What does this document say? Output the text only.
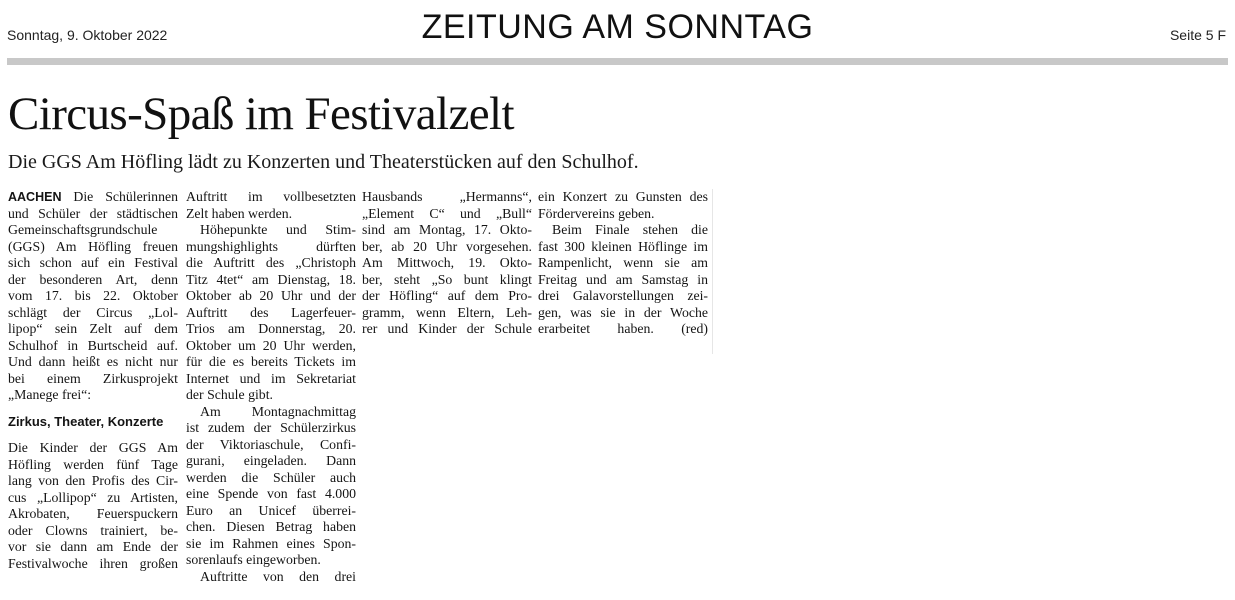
Sonntag, 9. Oktober 2022	ZEITUNG AM SONNTAG	Seite 5 F
Circus-Spaß im Festivalzelt
Die GGS Am Höfling lädt zu Konzerten und Theaterstücken auf den Schulhof.
AACHEN Die Schülerinnen
und Schüler der städtischen
Gemeinschaftsgrundschule
(GGS) Am Höfling freuen
sich schon auf ein Festival
der besonderen Art, denn
vom 17. bis 22. Oktober
schlägt der Circus „Lol-
lipop“ sein Zelt auf dem
Schulhof in Burtscheid auf.
Und dann heißt es nicht nur
bei einem Zirkusprojekt
„Manege frei“:
Zirkus, Theater, Konzerte
Die Kinder der GGS Am
Höfling werden fünf Tage
lang von den Profis des Cir-
cus „Lollipop“ zu Artisten,
Akrobaten, Feuerspuckern
oder Clowns trainiert, be-
vor sie dann am Ende der
Festivalwoche ihren großen
Auftritt im vollbesetzten
Zelt haben werden.
Höhepunkte und Stim-
mungshighlights dürften
die Auftritt des „Christoph
Titz 4tet“ am Dienstag, 18.
Oktober ab 20 Uhr und der
Auftritt des Lagerfeuer-
Trios am Donnerstag, 20.
Oktober um 20 Uhr werden,
für die es bereits Tickets im
Internet und im Sekretariat
der Schule gibt.
Am Montagnachmittag
ist zudem der Schülerzirkus
der Viktoriaschule, Confi-
gurani, eingeladen. Dann
werden die Schüler auch
eine Spende von fast 4.000
Euro an Unicef überrei-
chen. Diesen Betrag haben
sie im Rahmen eines Spon-
sorenlaufs eingeworben.
Auftritte von den drei
Hausbands „Hermanns“,
„Element C“ und „Bull“
sind am Montag, 17. Okto-
ber, ab 20 Uhr vorgesehen.
Am Mittwoch, 19. Okto-
ber, steht „So bunt klingt
der Höfling“ auf dem Pro-
gramm, wenn Eltern, Leh-
rer und Kinder der Schule
ein Konzert zu Gunsten des
Fördervereins geben.
Beim Finale stehen die
fast 300 kleinen Höflinge im
Rampenlicht, wenn sie am
Freitag und am Samstag in
drei Galavorstellungen zei-
gen, was sie in der Woche
erarbeitet haben. (red)
